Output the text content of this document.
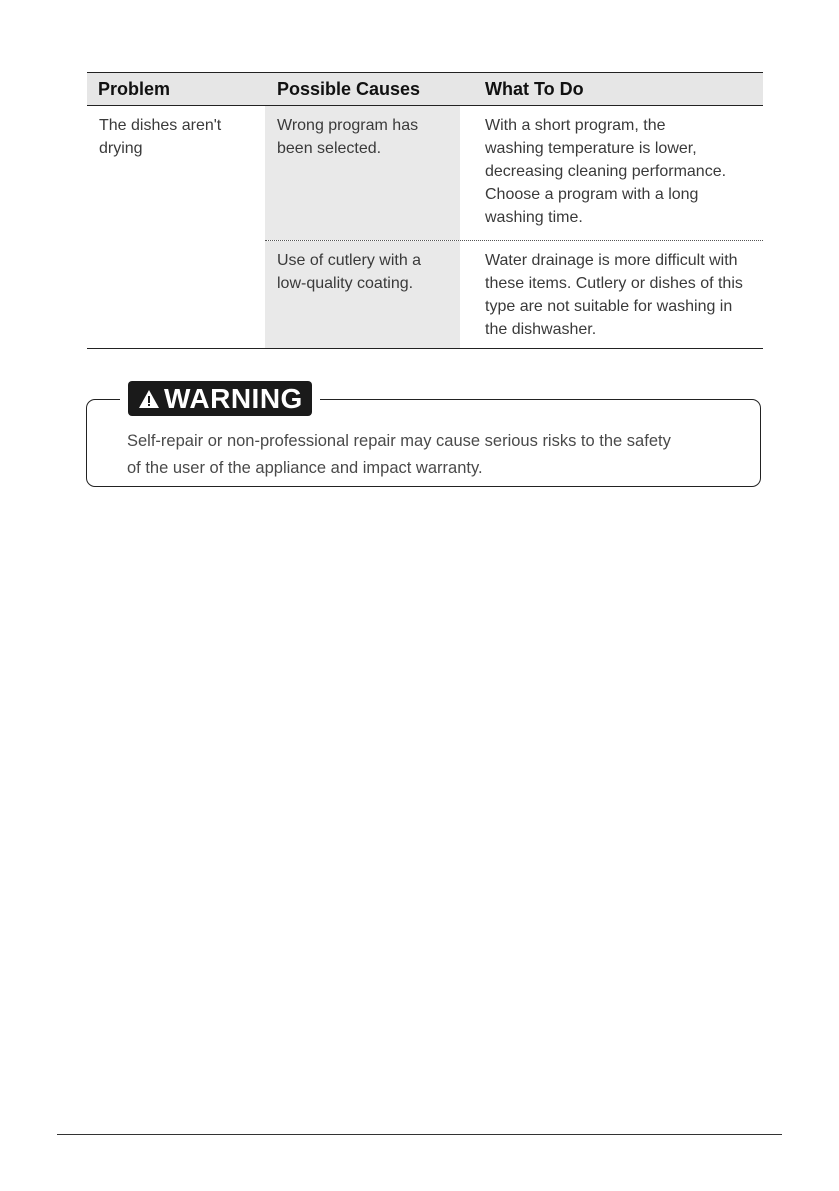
Problem	Possible Causes	What To Do
The dishes aren't
drying
Wrong program has
been selected.
With a short program, the
washing temperature is lower,
decreasing cleaning performance.
Choose a program with a long
washing time.
Use of cutlery with a
low-quality coating.
Water drainage is more difficult with
these items. Cutlery or dishes of this
type are not suitable for washing in
the dishwasher.
WARNING
Self-repair or non-professional repair may cause serious risks to the safety
of the user of the appliance and impact warranty.
